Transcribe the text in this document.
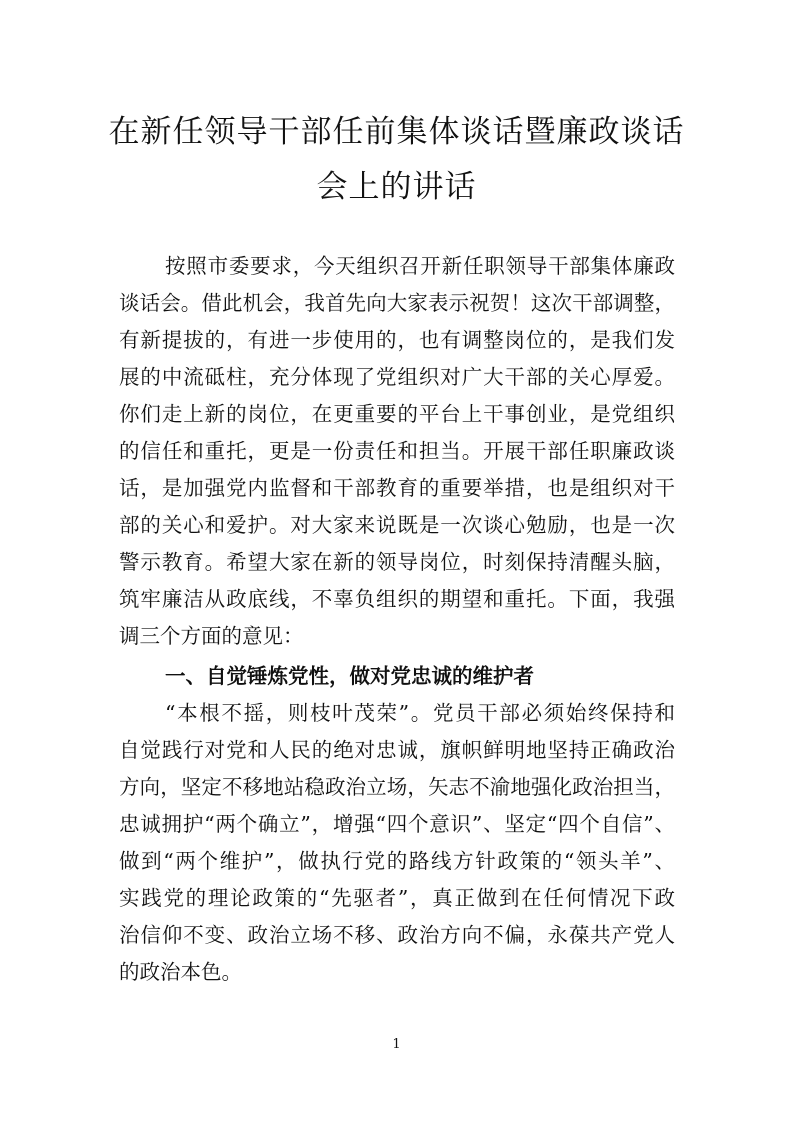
在新任领导干部任前集体谈话暨廉政谈话
会上的讲话
按照市委要求，今天组织召开新任职领导干部集体廉政
谈话会。借此机会，我首先向大家表示祝贺！这次干部调整，
有新提拔的，有进一步使用的，也有调整岗位的，是我们发
展的中流砥柱，充分体现了党组织对广大干部的关心厚爱。
你们走上新的岗位，在更重要的平台上干事创业，是党组织
的信任和重托，更是一份责任和担当。开展干部任职廉政谈
话，是加强党内监督和干部教育的重要举措，也是组织对干
部的关心和爱护。对大家来说既是一次谈心勉励，也是一次
警示教育。希望大家在新的领导岗位，时刻保持清醒头脑，
筑牢廉洁从政底线，不辜负组织的期望和重托。下面，我强
调三个方面的意见：
一、自觉锤炼党性，做对党忠诚的维护者
“本根不摇，则枝叶茂荣”。党员干部必须始终保持和
自觉践行对党和人民的绝对忠诚，旗帜鲜明地坚持正确政治
方向，坚定不移地站稳政治立场，矢志不渝地强化政治担当，
忠诚拥护“两个确立”，增强“四个意识”、坚定“四个自信”、
做到“两个维护”，做执行党的路线方针政策的“领头羊”、
实践党的理论政策的“先驱者”，真正做到在任何情况下政
治信仰不变、政治立场不移、政治方向不偏，永葆共产党人
的政治本色。
1
